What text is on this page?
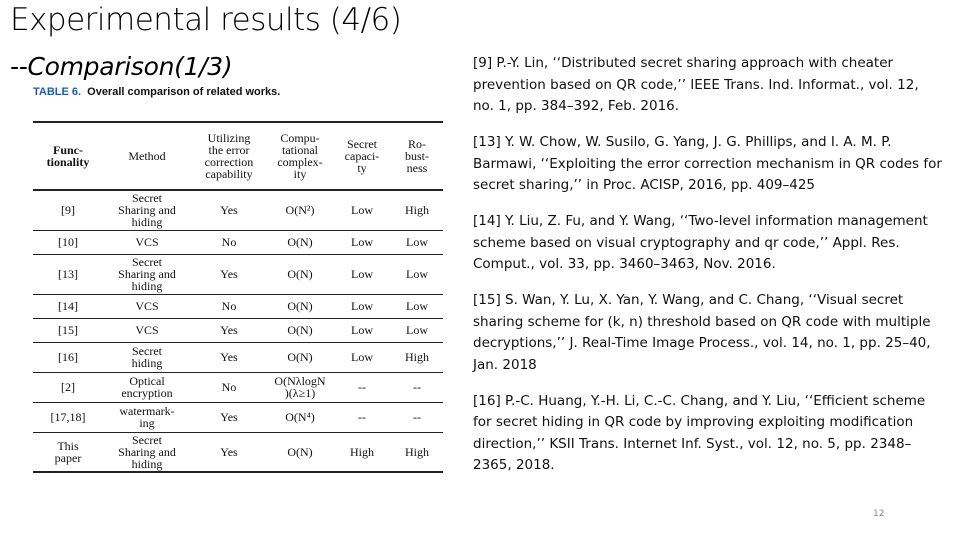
Experimental results (4/6)
--Comparison(1/3)
TABLE 6. Overall comparison of related works.
Func-
tionality	Method	Utilizing
the error
correction
capability	Compu-
tational
complex-
ity	Secret
capaci-
ty	Ro-
bust-
ness
[9]	Secret
Sharing and
hiding	Yes	O(N²)	Low	High
[10]	VCS	No	O(N)	Low	Low
[13]	Secret
Sharing and
hiding	Yes	O(N)	Low	Low
[14]	VCS	No	O(N)	Low	Low
[15]	VCS	Yes	O(N)	Low	Low
[16]	Secret
hiding	Yes	O(N)	Low	High
[2]	Optical
encryption	No	O(NλlogN
)(λ≥1)	--	--
[17,18]	watermark-
ing	Yes	O(N⁴)	--	--
This
paper	Secret
Sharing and
hiding	Yes	O(N)	High	High

[9] P.-Y. Lin, ‘‘Distributed secret sharing approach with cheater prevention based on QR code,’’ IEEE Trans. Ind. Informat., vol. 12, no. 1, pp. 384–392, Feb. 2016.

[13] Y. W. Chow, W. Susilo, G. Yang, J. G. Phillips, and I. A. M. P. Barmawi, ‘‘Exploiting the error correction mechanism in QR codes for secret sharing,’’ in Proc. ACISP, 2016, pp. 409–425

[14] Y. Liu, Z. Fu, and Y. Wang, ‘‘Two-level information management scheme based on visual cryptography and qr code,’’ Appl. Res. Comput., vol. 33, pp. 3460–3463, Nov. 2016.

[15] S. Wan, Y. Lu, X. Yan, Y. Wang, and C. Chang, ‘‘Visual secret sharing scheme for (k, n) threshold based on QR code with multiple decryptions,’’ J. Real-Time Image Process., vol. 14, no. 1, pp. 25–40, Jan. 2018

[16] P.-C. Huang, Y.-H. Li, C.-C. Chang, and Y. Liu, ‘‘Efficient scheme for secret hiding in QR code by improving exploiting modification direction,’’ KSII Trans. Internet Inf. Syst., vol. 12, no. 5, pp. 2348–2365, 2018.

12
